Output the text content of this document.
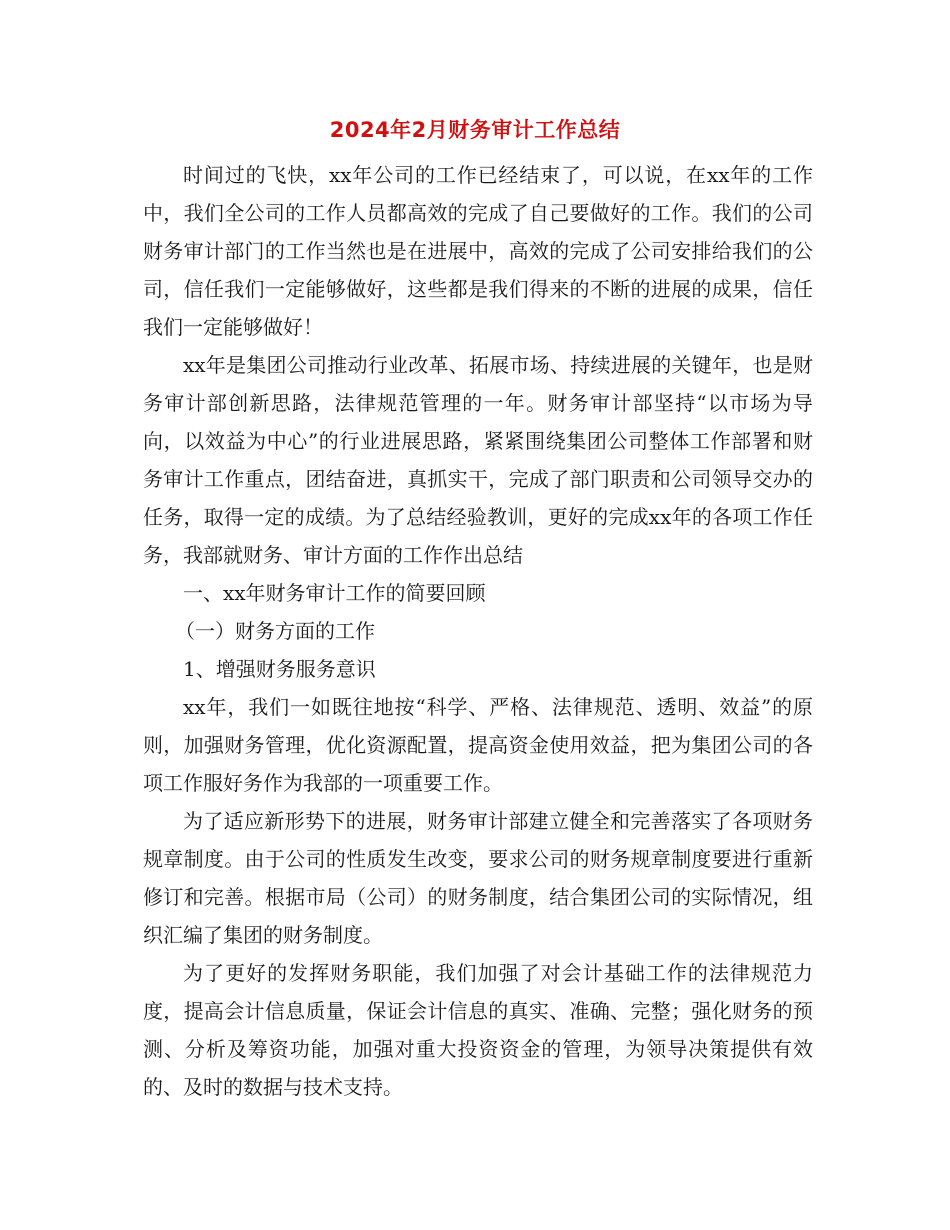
2024年2月财务审计工作总结

时间过的飞快，xx年公司的工作已经结束了，可以说，在xx年的工作中，我们全公司的工作人员都高效的完成了自己要做好的工作。我们的公司财务审计部门的工作当然也是在进展中，高效的完成了公司安排给我们的公司，信任我们一定能够做好，这些都是我们得来的不断的进展的成果，信任我们一定能够做好！

xx年是集团公司推动行业改革、拓展市场、持续进展的关键年，也是财务审计部创新思路，法律规范管理的一年。财务审计部坚持“以市场为导向，以效益为中心”的行业进展思路，紧紧围绕集团公司整体工作部署和财务审计工作重点，团结奋进，真抓实干，完成了部门职责和公司领导交办的任务，取得一定的成绩。为了总结经验教训，更好的完成xx年的各项工作任务，我部就财务、审计方面的工作作出总结

一、xx年财务审计工作的简要回顾

（一）财务方面的工作

1、增强财务服务意识

xx年，我们一如既往地按“科学、严格、法律规范、透明、效益”的原则，加强财务管理，优化资源配置，提高资金使用效益，把为集团公司的各项工作服好务作为我部的一项重要工作。

为了适应新形势下的进展，财务审计部建立健全和完善落实了各项财务规章制度。由于公司的性质发生改变，要求公司的财务规章制度要进行重新修订和完善。根据市局（公司）的财务制度，结合集团公司的实际情况，组织汇编了集团的财务制度。

为了更好的发挥财务职能，我们加强了对会计基础工作的法律规范力度，提高会计信息质量，保证会计信息的真实、准确、完整；强化财务的预测、分析及筹资功能，加强对重大投资资金的管理，为领导决策提供有效的、及时的数据与技术支持。
